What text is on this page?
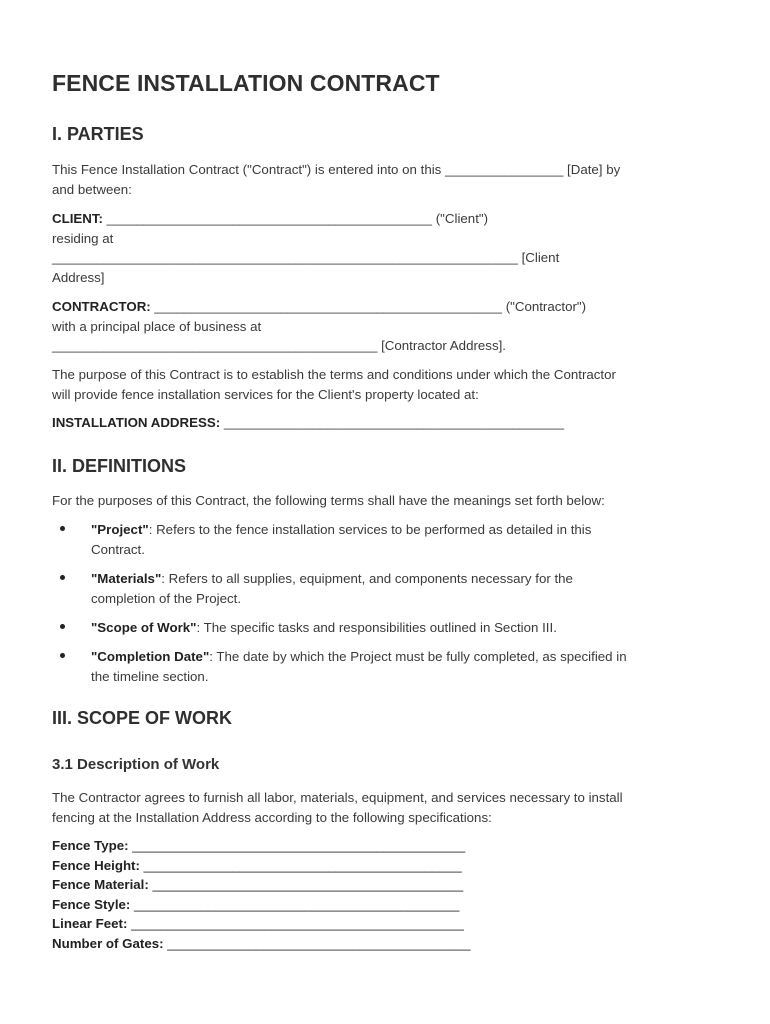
FENCE INSTALLATION CONTRACT
I. PARTIES

This Fence Installation Contract ("Contract") is entered into on this ________________ [Date] by
and between:

CLIENT: ____________________________________________ ("Client")
residing at
_______________________________________________________________ [Client
Address]

CONTRACTOR: _______________________________________________ ("Contractor")
with a principal place of business at
____________________________________________ [Contractor Address].

The purpose of this Contract is to establish the terms and conditions under which the Contractor
will provide fence installation services for the Client's property located at:

INSTALLATION ADDRESS: ______________________________________________

II. DEFINITIONS

For the purposes of this Contract, the following terms shall have the meanings set forth below:

"Project": Refers to the fence installation services to be performed as detailed in this
Contract.
"Materials": Refers to all supplies, equipment, and components necessary for the
completion of the Project.
"Scope of Work": The specific tasks and responsibilities outlined in Section III.
"Completion Date": The date by which the Project must be fully completed, as specified in
the timeline section.
III. SCOPE OF WORK
3.1 Description of Work

The Contractor agrees to furnish all labor, materials, equipment, and services necessary to install
fencing at the Installation Address according to the following specifications:

Fence Type: _____________________________________________
Fence Height: ___________________________________________
Fence Material: __________________________________________
Fence Style: ____________________________________________
Linear Feet: _____________________________________________
Number of Gates: _________________________________________
